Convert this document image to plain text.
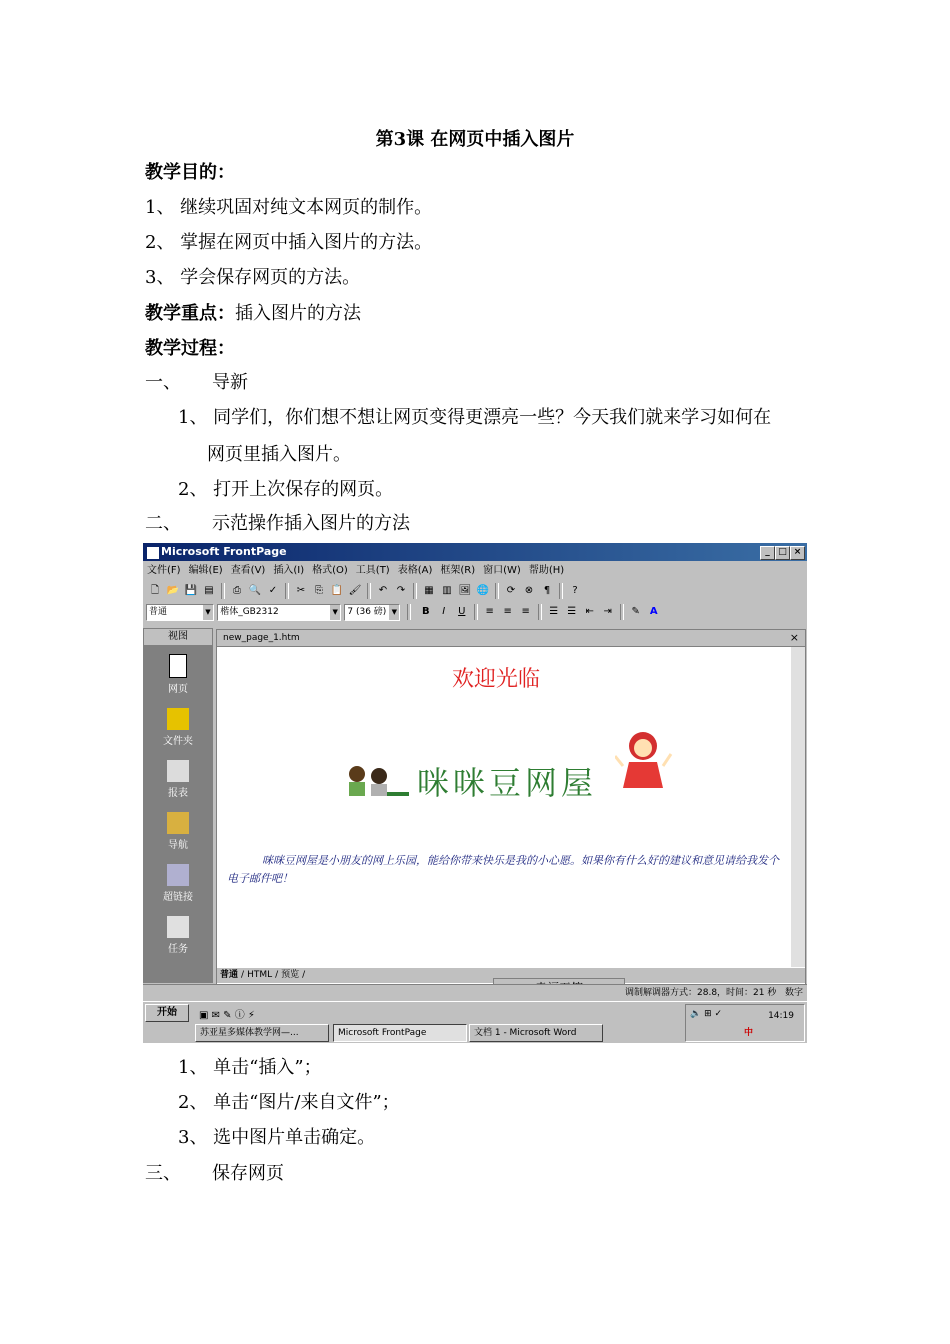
第3课 在网页中插入图片
教学目的：
1、 继续巩固对纯文本网页的制作。
2、 掌握在网页中插入图片的方法。
3、 学会保存网页的方法。
教学重点：插入图片的方法
教学过程：
一、 导新
1、 同学们，你们想不想让网页变得更漂亮一些？今天我们就来学习如何在
网页里插入图片。
2、 打开上次保存的网页。
二、 示范操作插入图片的方法
Microsoft FrontPage	_ □ ×
文件(F) 编辑(E) 查看(V) 插入(I) 格式(O) 工具(T) 表格(A) 框架(R) 窗口(W) 帮助(H)
🗋 📂 💾 ▤ ⎙ 🔍 ✓ ✂ ⎘ 📋 🖌 ↶ ↷ ▦ ▥ 🖼 🌐 ⟳ ⊗ ¶ ?
普通	▼ 楷体_GB2312	▼ 7 (36 磅) ▼ B I U ≡ ≡ ≡ ☰ ☰ ⇤ ⇥ ✎ A
视图
网页
文件夹
报表
导航
超链接
任务
new_page_1.htm	×
欢迎光临
咪咪豆网屋
咪咪豆网屋是小朋友的网上乐园，能给你带来快乐是我的小心愿。如果你有什么好的建议和意见请给我发个电子邮件吧！
普通 / HTML / 预览 /
调制解调器方式：28.8，时间：21 秒 数字
开始	▣ ✉ ✎ ⓘ ⚡
苏亚星多媒体教学网—...	Microsoft FrontPage	文档 1 - Microsoft Word
🔈 ⊞ ✓
中
14:19
1、 单击“插入”；
2、 单击“图片/来自文件”；
3、 选中图片单击确定。
三、 保存网页
